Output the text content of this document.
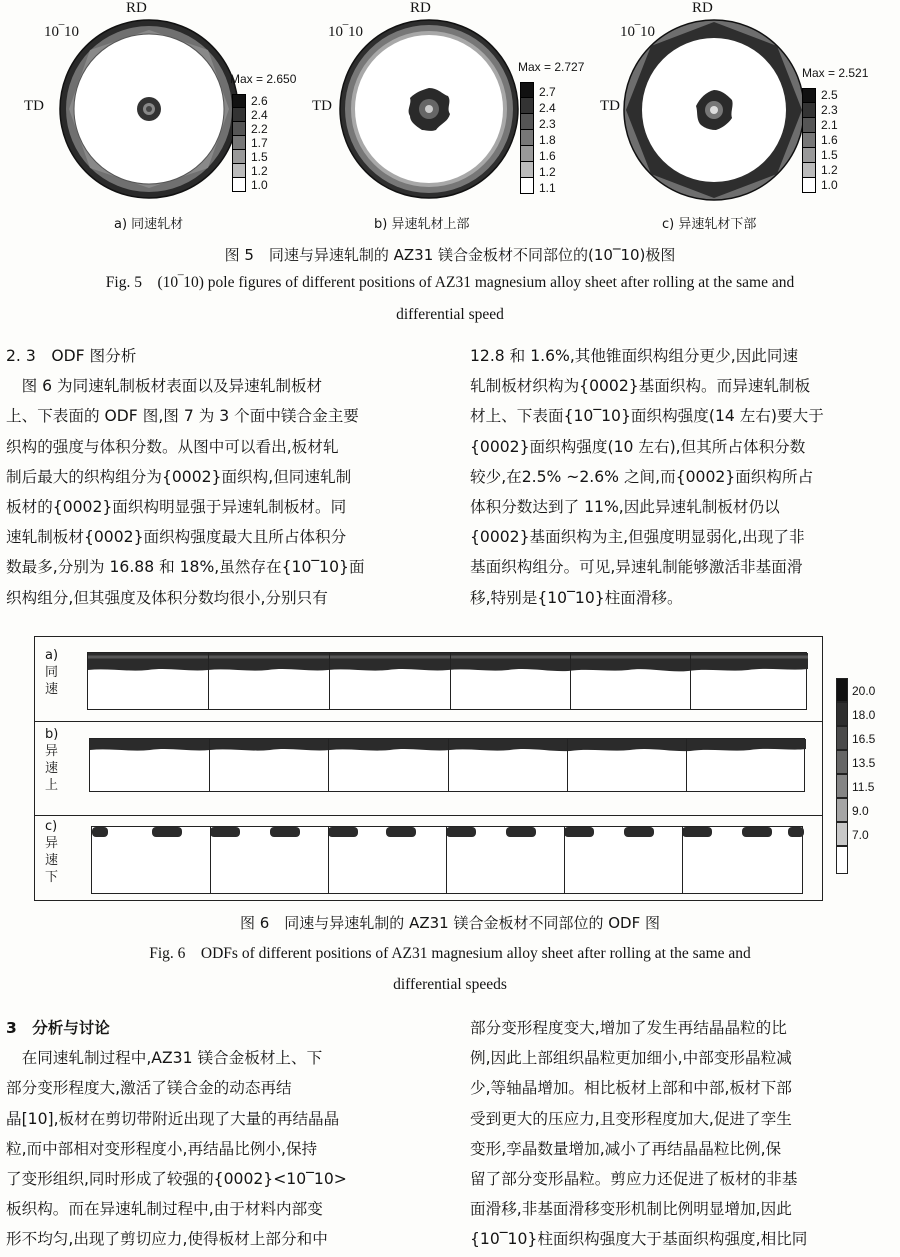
RD
10‾10
TD
Max = 2.650
2.6
2.4
2.2
1.7
1.5
1.2
1.0
a) 同速轧材
RD
10‾10
TD
Max = 2.727
2.7
2.4
2.3
1.8
1.6
1.2
1.1
b) 异速轧材上部
RD
10‾10
TD
Max = 2.521
2.5
2.3
2.1
1.6
1.5
1.2
1.0
c) 异速轧材下部
图 5　同速与异速轧制的 AZ31 镁合金板材不同部位的(10‾10)极图
Fig. 5　(10‾10) pole figures of different positions of AZ31 magnesium alloy sheet after rolling at the same and
differential speed
2. 3　ODF 图分析
　图 6 为同速轧制板材表面以及异速轧制板材
上、下表面的 ODF 图,图 7 为 3 个面中镁合金主要
织构的强度与体积分数。从图中可以看出,板材轧
制后最大的织构组分为{0002}面织构,但同速轧制
板材的{0002}面织构明显强于异速轧制板材。同
速轧制板材{0002}面织构强度最大且所占体积分
数最多,分别为 16.88 和 18%,虽然存在{10‾10}面
织构组分,但其强度及体积分数均很小,分别只有
12.8 和 1.6%,其他锥面织构组分更少,因此同速
轧制板材织构为{0002}基面织构。而异速轧制板
材上、下表面{10‾10}面织构强度(14 左右)要大于
{0002}面织构强度(10 左右),但其所占体积分数
较少,在2.5% ~2.6% 之间,而{0002}面织构所占
体积分数达到了 11%,因此异速轧制板材仍以
{0002}基面织构为主,但强度明显弱化,出现了非
基面织构组分。可见,异速轧制能够激活非基面滑
移,特别是{10‾10}柱面滑移。
a)
同
速
b)
异
速
上
c)
异
速
下
20.0
18.0
16.5
13.5
11.5
9.0
7.0
图 6　同速与异速轧制的 AZ31 镁合金板材不同部位的 ODF 图
Fig. 6　ODFs of different positions of AZ31 magnesium alloy sheet after rolling at the same and
differential speeds
3　分析与讨论
　在同速轧制过程中,AZ31 镁合金板材上、下
部分变形程度大,激活了镁合金的动态再结
晶[10],板材在剪切带附近出现了大量的再结晶晶
粒,而中部相对变形程度小,再结晶比例小,保持
了变形组织,同时形成了较强的{0002}<10‾10>
板织构。而在异速轧制过程中,由于材料内部变
形不均匀,出现了剪切应力,使得板材上部分和中
部分变形程度变大,增加了发生再结晶晶粒的比
例,因此上部组织晶粒更加细小,中部变形晶粒减
少,等轴晶增加。相比板材上部和中部,板材下部
受到更大的压应力,且变形程度加大,促进了孪生
变形,孪晶数量增加,减小了再结晶晶粒比例,保
留了部分变形晶粒。剪应力还促进了板材的非基
面滑移,非基面滑移变形机制比例明显增加,因此
{10‾10}柱面织构强度大于基面织构强度,相比同
